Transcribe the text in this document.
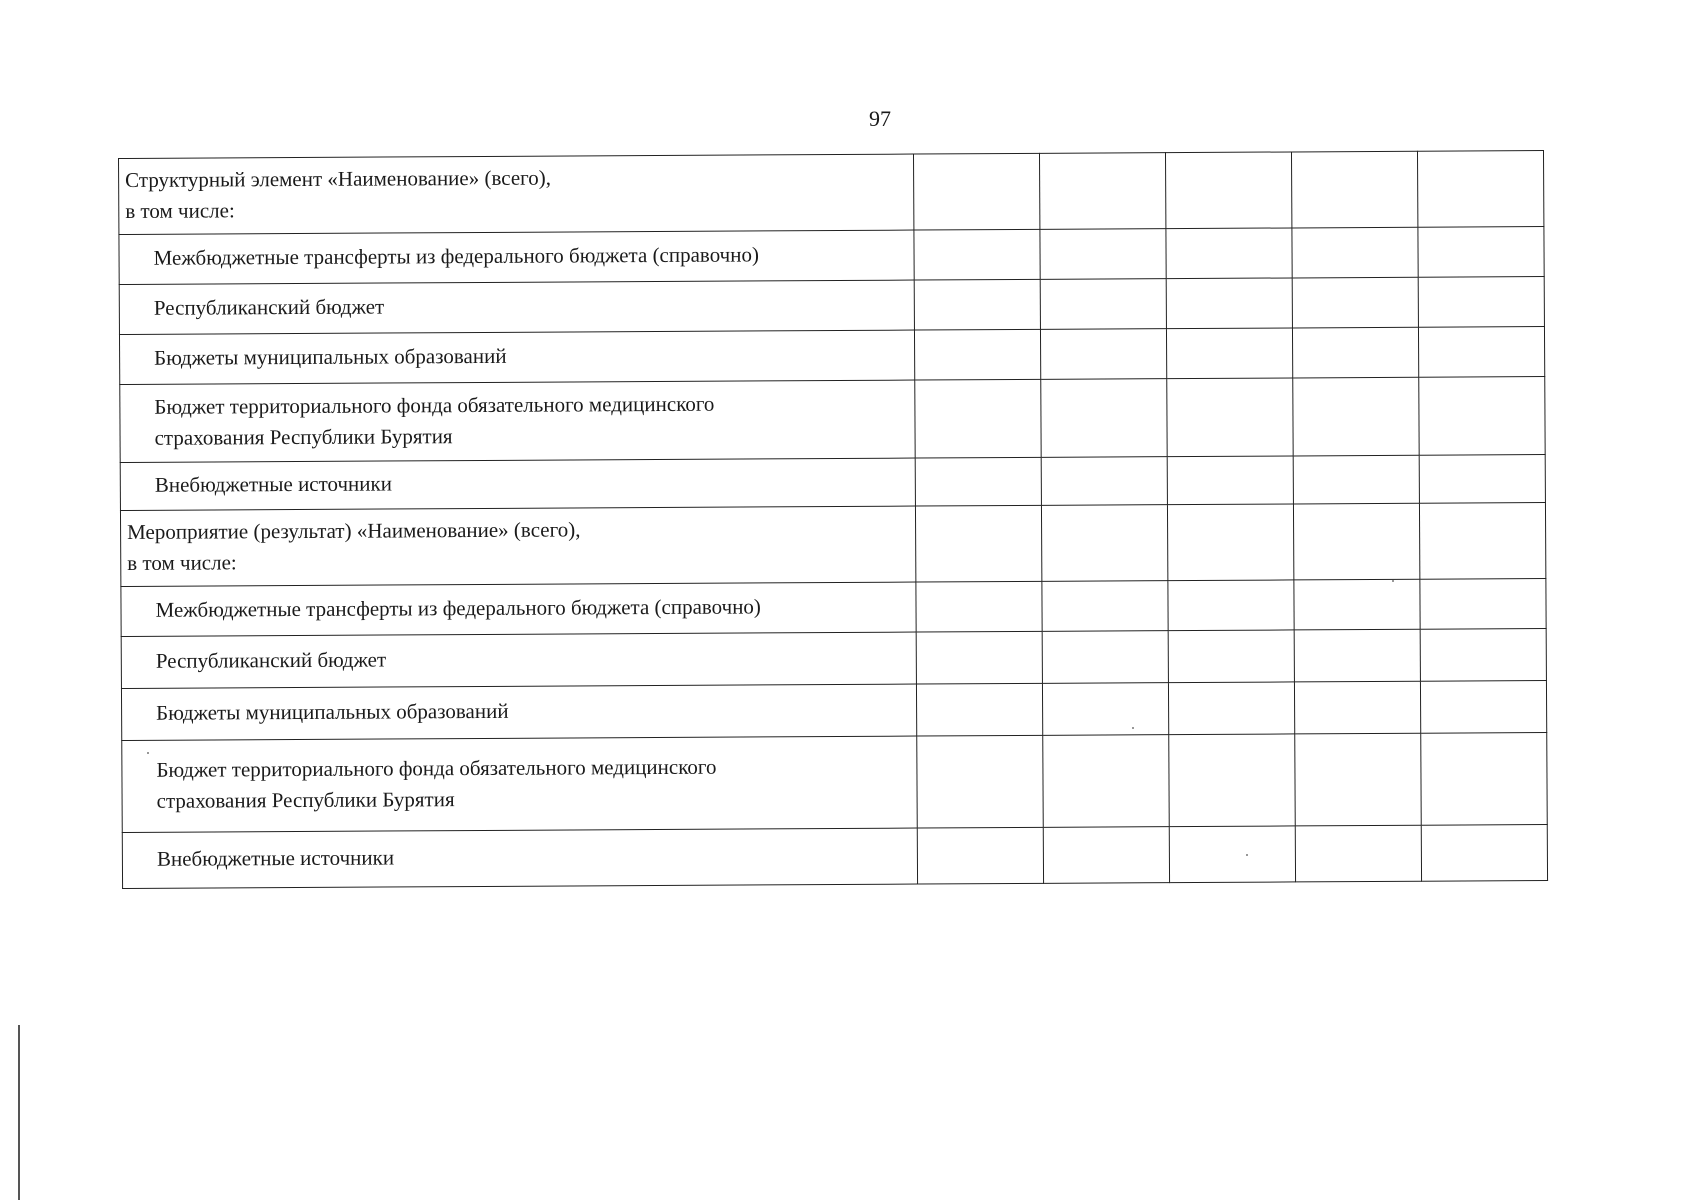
97
Структурный элемент «Наименование» (всего),
в том числе:					

Межбюджетные трансферты из федерального бюджета (справочно)					

Республиканский бюджет					

Бюджеты муниципальных образований					

Бюджет территориального фонда обязательного медицинского
страхования Республики Бурятия					

Внебюджетные источники					

Мероприятие (результат) «Наименование» (всего),
в том числе:					

Межбюджетные трансферты из федерального бюджета (справочно)					

Республиканский бюджет					

Бюджеты муниципальных образований					

Бюджет территориального фонда обязательного медицинского
страхования Республики Бурятия					

Внебюджетные источники					
